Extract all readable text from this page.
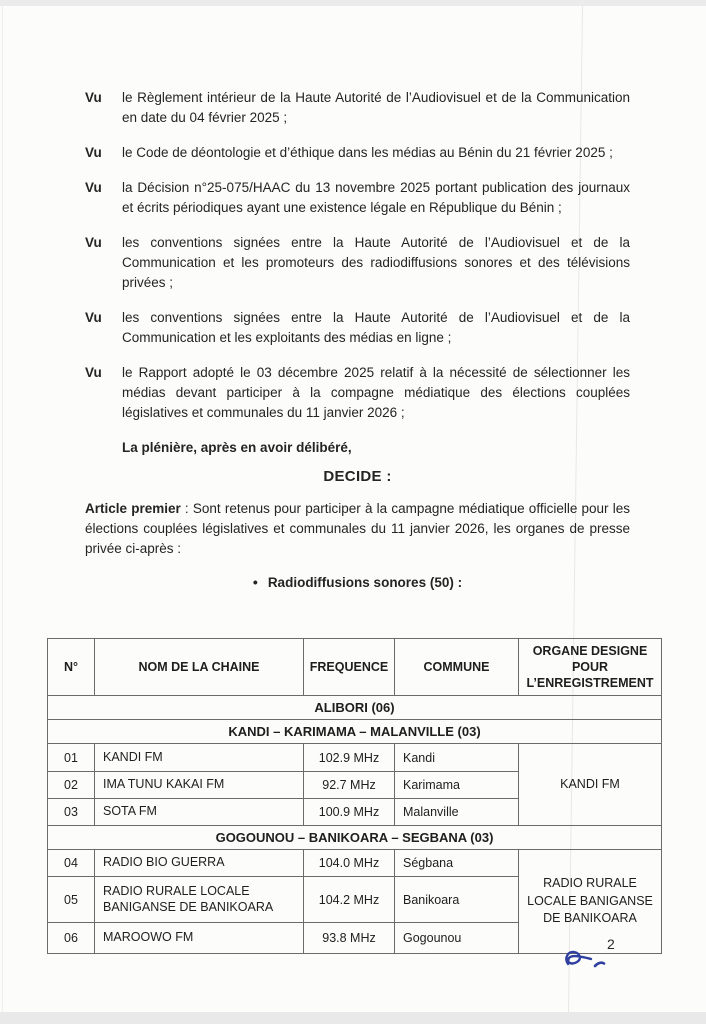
Vu	le Règlement intérieur de la Haute Autorité de l’Audiovisuel et de la Communication en date du 04 février 2025 ;
Vu	le Code de déontologie et d’éthique dans les médias au Bénin du 21 février 2025 ;
Vu	la Décision n°25-075/HAAC du 13 novembre 2025 portant publication des journaux et écrits périodiques ayant une existence légale en République du Bénin ;
Vu	les conventions signées entre la Haute Autorité de l’Audiovisuel et de la Communication et les promoteurs des radiodiffusions sonores et des télévisions privées ;
Vu	les conventions signées entre la Haute Autorité de l’Audiovisuel et de la Communication et les exploitants des médias en ligne ;
Vu	le Rapport adopté le 03 décembre 2025 relatif à la nécessité de sélectionner les médias devant participer à la compagne médiatique des élections couplées législatives et communales du 11 janvier 2026 ;

La plénière, après en avoir délibéré,

DECIDE :

Article premier : Sont retenus pour participer à la campagne médiatique officielle pour les élections couplées législatives et communales du 11 janvier 2026, les organes de presse privée ci-après :

• Radiodiffusions sonores (50) :

N°	NOM DE LA CHAINE	FREQUENCE	COMMUNE	ORGANE DESIGNE POUR L’ENREGISTREMENT
ALIBORI (06)				
KANDI – KARIMAMA – MALANVILLE (03)				
01	KANDI FM	102.9 MHz	Kandi	KANDI FM
02	IMA TUNU KAKAI FM	92.7 MHz	Karimama	
03	SOTA FM	100.9 MHz	Malanville	
GOGOUNOU – BANIKOARA – SEGBANA (03)				
04	RADIO BIO GUERRA	104.0 MHz	Ségbana	RADIO RURALE LOCALE BANIGANSE DE BANIKOARA
05	RADIO RURALE LOCALE BANIGANSE DE BANIKOARA	104.2 MHz	Banikoara	
06	MAROOWO FM	93.8 MHz	Gogounou		2
